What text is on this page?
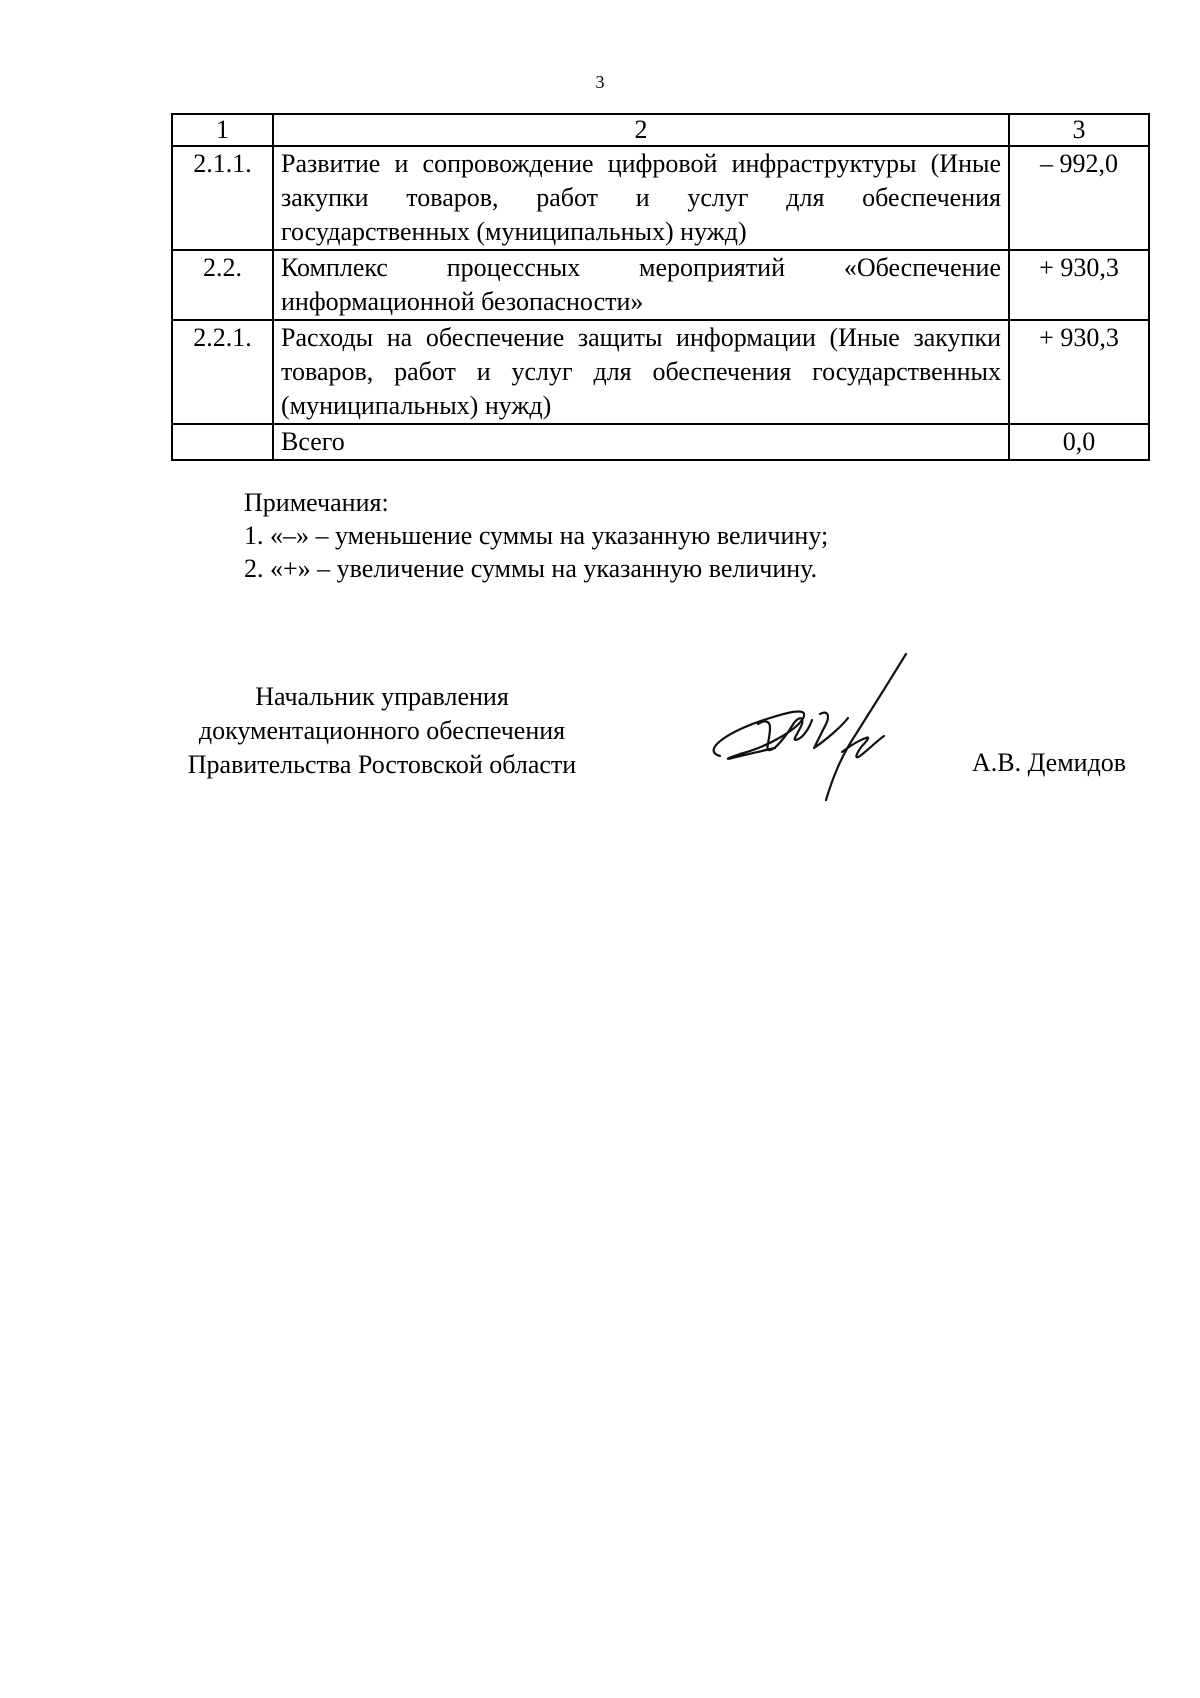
3
1	2	3
2.1.1.	Развитие и сопровождение цифровой инфраструктуры (Иные закупки товаров, работ и услуг для обеспечения государственных (муниципальных) нужд)	– 992,0
2.2.	Комплекс процессных мероприятий «Обеспечение информационной безопасности»	+ 930,3
2.2.1.	Расходы на обеспечение защиты информации (Иные закупки товаров, работ и услуг для обеспечения государственных (муниципальных) нужд)	+ 930,3
	Всего	0,0
Примечания:
1. «–» – уменьшение суммы на указанную величину;
2. «+» – увеличение суммы на указанную величину.
Начальник управления
документационного обеспечения
Правительства Ростовской области	А.В. Демидов
